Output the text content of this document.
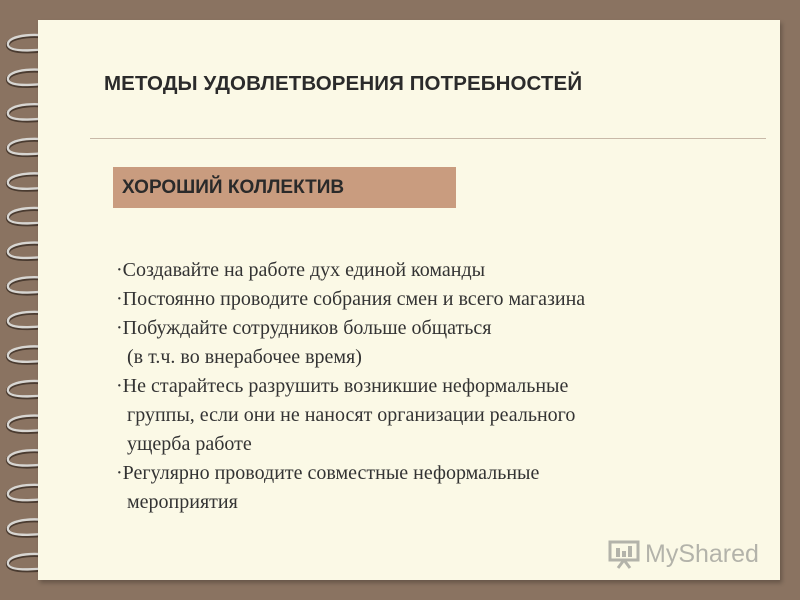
МЕТОДЫ УДОВЛЕТВОРЕНИЯ ПОТРЕБНОСТЕЙ
ХОРОШИЙ КОЛЛЕКТИВ
·Создавайте на работе дух единой команды
·Постоянно проводите собрания смен и всего магазина
·Побуждайте сотрудников больше общаться
(в т.ч. во внерабочее время)
·Не старайтесь разрушить возникшие неформальные
группы, если они не наносят организации реального
ущерба работе
·Регулярно проводите совместные неформальные
мероприятия
MyShared
